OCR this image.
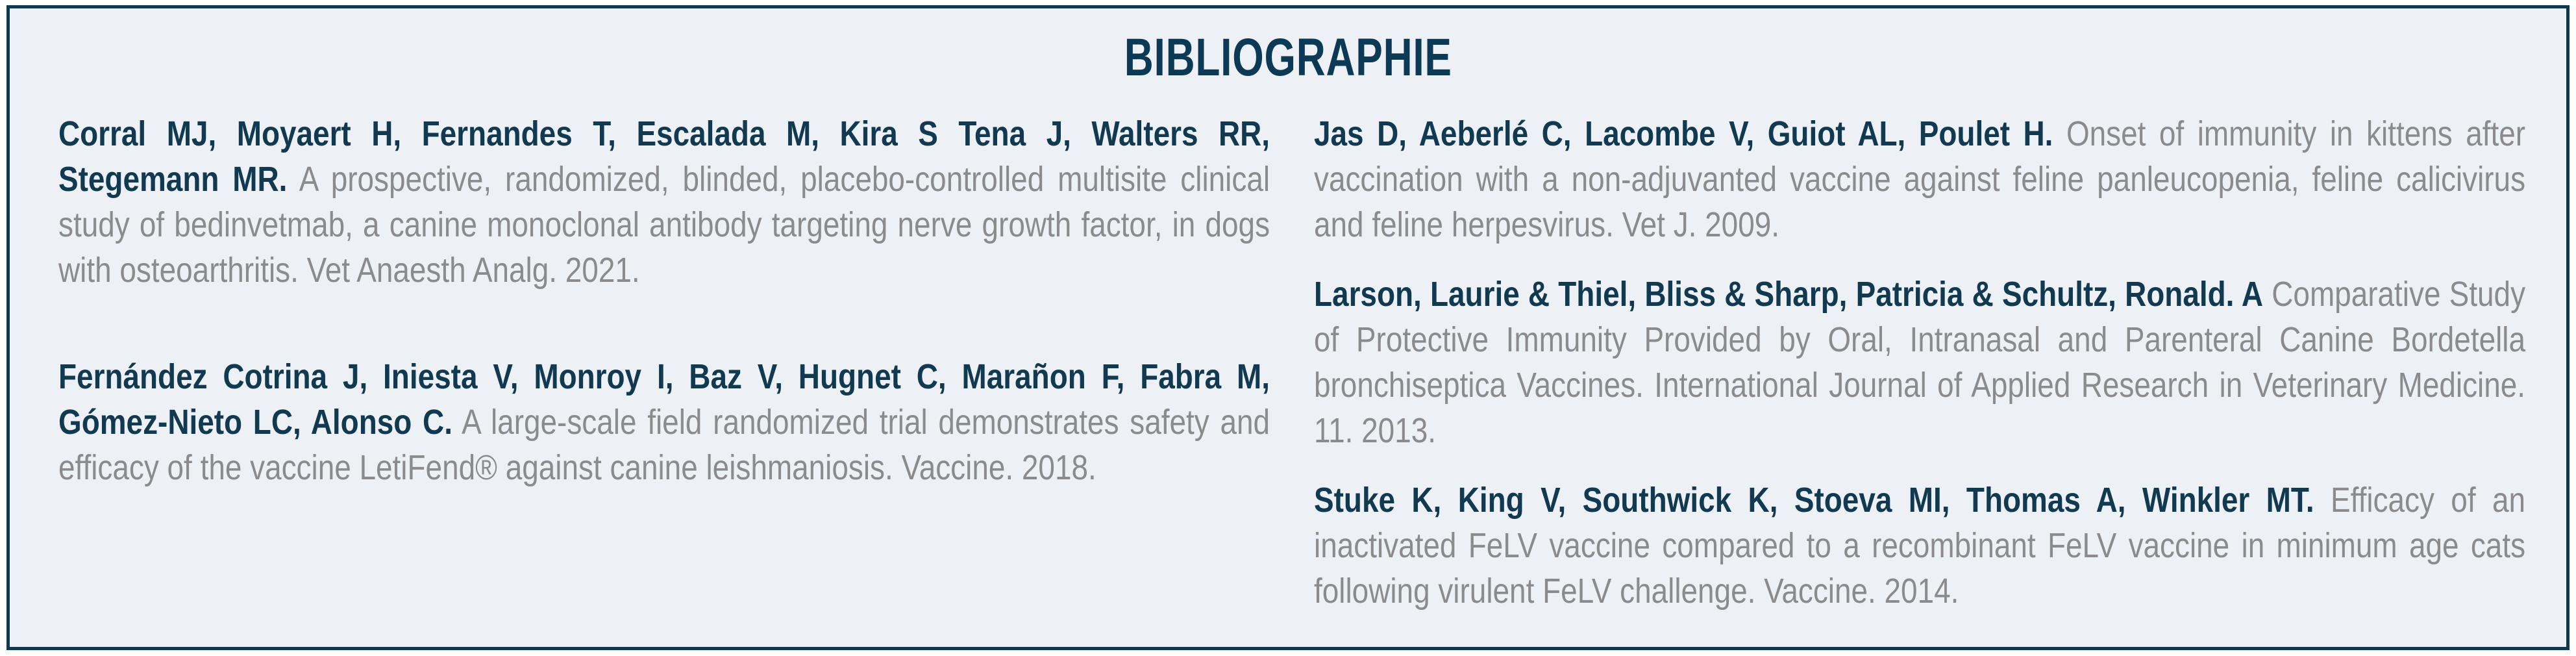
BIBLIOGRAPHIE

Corral MJ, Moyaert H, Fernandes T, Escalada M, Kira S Tena J, Walters RR, Stegemann MR. A prospective, randomized, blinded, placebo-controlled multisite clinical study of bedinvetmab, a canine monoclonal antibody targeting nerve growth factor, in dogs with osteoarthritis. Vet Anaesth Analg. 2021.

Fernández Cotrina J, Iniesta V, Monroy I, Baz V, Hugnet C, Marañon F, Fabra M, Gómez-Nieto LC, Alonso C. A large-scale field randomized trial demonstrates safety and efficacy of the vaccine LetiFend® against canine leishmaniosis. Vaccine. 2018.

Jas D, Aeberlé C, Lacombe V, Guiot AL, Poulet H. Onset of immunity in kittens after vaccination with a non-adjuvanted vaccine against feline panleucopenia, feline calicivirus and feline herpesvirus. Vet J. 2009.

Larson, Laurie & Thiel, Bliss & Sharp, Patricia & Schultz, Ronald. A Comparative Study of Protective Immunity Provided by Oral, Intranasal and Parenteral Canine Bordetella bronchiseptica Vaccines. International Journal of Applied Research in Veterinary Medicine. 11. 2013.

Stuke K, King V, Southwick K, Stoeva MI, Thomas A, Winkler MT. Efficacy of an inactivated FeLV vaccine compared to a recombinant FeLV vaccine in minimum age cats following virulent FeLV challenge. Vaccine. 2014.
